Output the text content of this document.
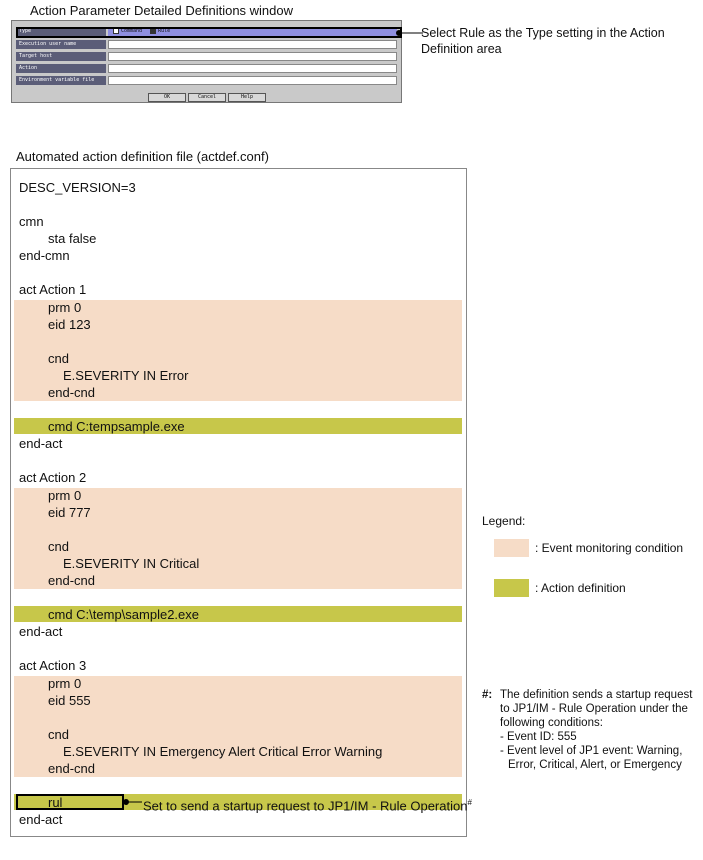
Action Parameter Detailed Definitions window
Type	Command	Rule
Execution user name
Target host
Action
Environment variable file
OK	Cancel	Help
Select Rule as the Type setting in the Action Definition area
Automated action definition file (actdef.conf)
Set to send a startup request to JP1/IM - Rule Operation#
DESC_VERSION=3
cmn
sta false
end-cmn
act Action 1
prm 0
eid 123
cnd
E.SEVERITY IN Error
end-cnd
cmd C:tempsample.exe
end-act
act Action 2
prm 0
eid 777
cnd
E.SEVERITY IN Critical
end-cnd
cmd C:\temp\sample2.exe
end-act
act Action 3
prm 0
eid 555
cnd
E.SEVERITY IN Emergency Alert Critical Error Warning
end-cnd
rul
end-act
Legend:
: Event monitoring condition
: Action definition
#: The definition sends a startup request to JP1/IM - Rule Operation under the following conditions:
- Event ID: 555
- Event level of JP1 event: Warning, Error, Critical, Alert, or Emergency
